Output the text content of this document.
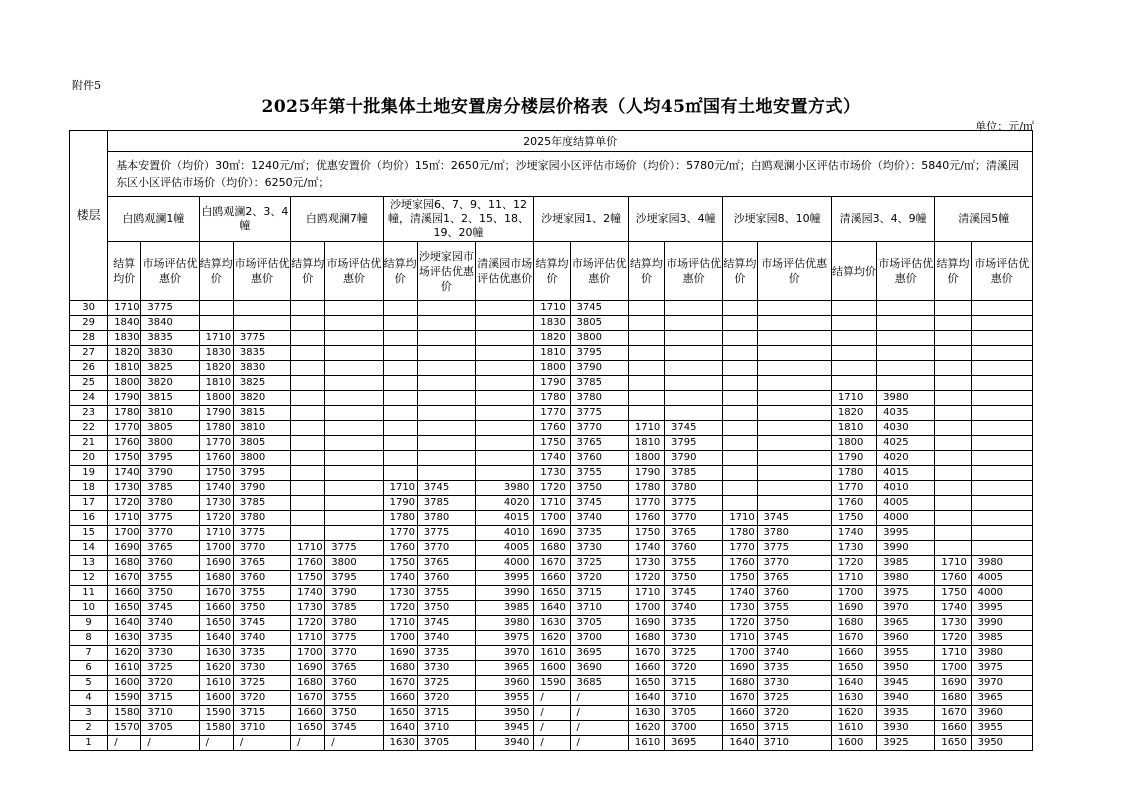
附件5
2025年第十批集体土地安置房分楼层价格表（人均45㎡国有土地安置方式）
单位：元/㎡
楼层	2025年度结算单价																		
	基本安置价（均价）30㎡：1240元/㎡；优惠安置价（均价）15㎡：2650元/㎡；沙埂家园小区评估市场价（均价）：5780元/㎡；白鸥观澜小区评估市场价（均价）：5840元/㎡；清溪园东区小区评估市场价（均价）：6250元/㎡；																		
	白鸥观澜1幢		白鸥观澜2、3、4幢		白鸥观澜7幢		沙埂家园6、7、9、11、12幢，清溪园1、2、15、18、19、20幢			沙埂家园1、2幢		沙埂家园3、4幢		沙埂家园8、10幢		清溪园3、4、9幢		清溪园5幢	
	结算均价	市场评估优惠价	结算均价	市场评估优惠价	结算均价	市场评估优惠价	结算均价	沙埂家园市场评估优惠价	清溪园市场评估优惠价	结算均价	市场评估优惠价	结算均价	市场评估优惠价	结算均价	市场评估优惠价	结算均价	市场评估优惠价	结算均价	市场评估优惠价
30	1710	3775								1710	3745								
29	1840	3840								1830	3805								
28	1830	3835	1710	3775						1820	3800								
27	1820	3830	1830	3835						1810	3795								
26	1810	3825	1820	3830						1800	3790								
25	1800	3820	1810	3825						1790	3785								
24	1790	3815	1800	3820						1780	3780					1710	3980		
23	1780	3810	1790	3815						1770	3775					1820	4035		
22	1770	3805	1780	3810						1760	3770	1710	3745			1810	4030		
21	1760	3800	1770	3805						1750	3765	1810	3795			1800	4025		
20	1750	3795	1760	3800						1740	3760	1800	3790			1790	4020		
19	1740	3790	1750	3795						1730	3755	1790	3785			1780	4015		
18	1730	3785	1740	3790			1710	3745	3980	1720	3750	1780	3780			1770	4010		
17	1720	3780	1730	3785			1790	3785	4020	1710	3745	1770	3775			1760	4005		
16	1710	3775	1720	3780			1780	3780	4015	1700	3740	1760	3770	1710	3745	1750	4000		
15	1700	3770	1710	3775			1770	3775	4010	1690	3735	1750	3765	1780	3780	1740	3995		
14	1690	3765	1700	3770	1710	3775	1760	3770	4005	1680	3730	1740	3760	1770	3775	1730	3990		
13	1680	3760	1690	3765	1760	3800	1750	3765	4000	1670	3725	1730	3755	1760	3770	1720	3985	1710	3980
12	1670	3755	1680	3760	1750	3795	1740	3760	3995	1660	3720	1720	3750	1750	3765	1710	3980	1760	4005
11	1660	3750	1670	3755	1740	3790	1730	3755	3990	1650	3715	1710	3745	1740	3760	1700	3975	1750	4000
10	1650	3745	1660	3750	1730	3785	1720	3750	3985	1640	3710	1700	3740	1730	3755	1690	3970	1740	3995
9	1640	3740	1650	3745	1720	3780	1710	3745	3980	1630	3705	1690	3735	1720	3750	1680	3965	1730	3990
8	1630	3735	1640	3740	1710	3775	1700	3740	3975	1620	3700	1680	3730	1710	3745	1670	3960	1720	3985
7	1620	3730	1630	3735	1700	3770	1690	3735	3970	1610	3695	1670	3725	1700	3740	1660	3955	1710	3980
6	1610	3725	1620	3730	1690	3765	1680	3730	3965	1600	3690	1660	3720	1690	3735	1650	3950	1700	3975
5	1600	3720	1610	3725	1680	3760	1670	3725	3960	1590	3685	1650	3715	1680	3730	1640	3945	1690	3970
4	1590	3715	1600	3720	1670	3755	1660	3720	3955	/	/	1640	3710	1670	3725	1630	3940	1680	3965
3	1580	3710	1590	3715	1660	3750	1650	3715	3950	/	/	1630	3705	1660	3720	1620	3935	1670	3960
2	1570	3705	1580	3710	1650	3745	1640	3710	3945	/	/	1620	3700	1650	3715	1610	3930	1660	3955
1	/	/	/	/	/	/	1630	3705	3940	/	/	1610	3695	1640	3710	1600	3925	1650	3950
